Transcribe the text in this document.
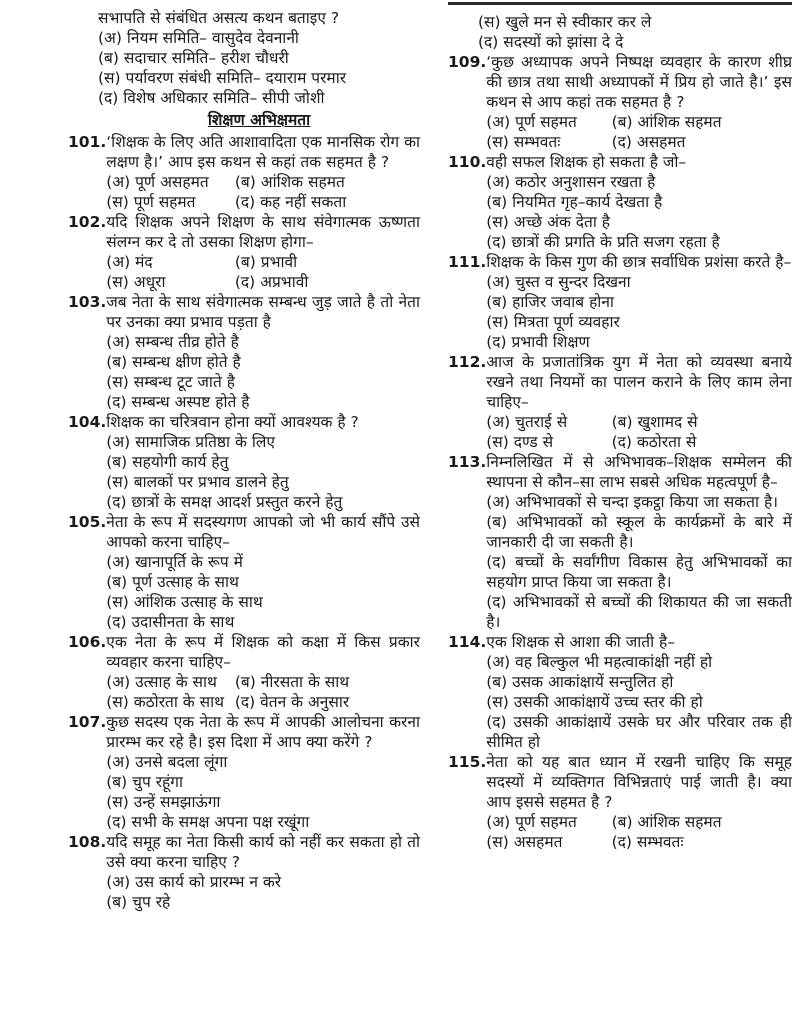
सभापति से संबंधित असत्य कथन बताइए ?
(अ) नियम समिति– वासुदेव देवनानी
(ब) सदाचार समिति– हरीश चौधरी
(स) पर्यावरण संबंधी समिति– दयाराम परमार
(द) विशेष अधिकार समिति– सीपी जोशी
शिक्षण अभिक्षमता
101. ‘शिक्षक के लिए अति आशावादिता एक मानसिक रोग का लक्षण है।’ आप इस कथन से कहां तक सहमत है ?
(अ) पूर्ण असहमत	(ब) आंशिक सहमत
(स) पूर्ण सहमत	(द) कह नहीं सकता
102. यदि शिक्षक अपने शिक्षण के साथ संवेगात्मक ऊष्णता संलग्न कर दे तो उसका शिक्षण होगा–
(अ) मंद	(ब) प्रभावी
(स) अधूरा	(द) अप्रभावी
103. जब नेता के साथ संवेगात्मक सम्बन्ध जुड़ जाते है तो नेता पर उनका क्या प्रभाव पड़ता है
(अ) सम्बन्ध तीव्र होते है
(ब) सम्बन्ध क्षीण होते है
(स) सम्बन्ध टूट जाते है
(द) सम्बन्ध अस्पष्ट होते है
104. शिक्षक का चरित्रवान होना क्यों आवश्यक है ?
(अ) सामाजिक प्रतिष्ठा के लिए
(ब) सहयोगी कार्य हेतु
(स) बालकों पर प्रभाव डालने हेतु
(द) छात्रों के समक्ष आदर्श प्रस्तुत करने हेतु
105. नेता के रूप में सदस्यगण आपको जो भी कार्य सौंपे उसे आपको करना चाहिए–
(अ) खानापूर्ति के रूप में
(ब) पूर्ण उत्साह के साथ
(स) आंशिक उत्साह के साथ
(द) उदासीनता के साथ
106. एक नेता के रूप में शिक्षक को कक्षा में किस प्रकार व्यवहार करना चाहिए–
(अ) उत्साह के साथ	(ब) नीरसता के साथ
(स) कठोरता के साथ (द) वेतन के अनुसार
107. कुछ सदस्य एक नेता के रूप में आपकी आलोचना करना प्रारम्भ कर रहे है। इस दिशा में आप क्या करेंगे ?
(अ) उनसे बदला लूंगा
(ब) चुप रहूंगा
(स) उन्हें समझाऊंगा
(द) सभी के समक्ष अपना पक्ष रखूंगा
108. यदि समूह का नेता किसी कार्य को नहीं कर सकता हो तो उसे क्या करना चाहिए ?
(अ) उस कार्य को प्रारम्भ न करे
(ब) चुप रहे
(स) खुले मन से स्वीकार कर ले
(द) सदस्यों को झांसा दे दे
109. ‘कुछ अध्यापक अपने निष्पक्ष व्यवहार के कारण शीघ्र की छात्र तथा साथी अध्यापकों में प्रिय हो जाते है।’ इस कथन से आप कहां तक सहमत है ?
(अ) पूर्ण सहमत	(ब) आंशिक सहमत
(स) सम्भवतः	(द) असहमत
110. वही सफल शिक्षक हो सकता है जो–
(अ) कठोर अनुशासन रखता है
(ब) नियमित गृह–कार्य देखता है
(स) अच्छे अंक देता है
(द) छात्रों की प्रगति के प्रति सजग रहता है
111. शिक्षक के किस गुण की छात्र सर्वाधिक प्रशंसा करते है–
(अ) चुस्त व सुन्दर दिखना
(ब) हाजिर जवाब होना
(स) मित्रता पूर्ण व्यवहार
(द) प्रभावी शिक्षण
112. आज के प्रजातांत्रिक युग में नेता को व्यवस्था बनाये रखने तथा नियमों का पालन कराने के लिए काम लेना चाहिए–
(अ) चुतराई से	(ब) खुशामद से
(स) दण्ड से	(द) कठोरता से
113. निम्नलिखित में से अभिभावक–शिक्षक सम्मेलन की स्थापना से कौन–सा लाभ सबसे अधिक महत्वपूर्ण है–
(अ) अभिभावकों से चन्दा इकट्ठा किया जा सकता है।
(ब) अभिभावकों को स्कूल के कार्यक्रमों के बारे में जानकारी दी जा सकती है।
(द) बच्चों के सर्वांगीण विकास हेतु अभिभावकों का सहयोग प्राप्त किया जा सकता है।
(द) अभिभावकों से बच्चों की शिकायत की जा सकती है।
114. एक शिक्षक से आशा की जाती है–
(अ) वह बिल्कुल भी महत्वाकांक्षी नहीं हो
(ब) उसक आकांक्षायें सन्तुलित हो
(स) उसकी आकांक्षायें उच्च स्तर की हो
(द) उसकी आकांक्षायें उसके घर और परिवार तक ही सीमित हो
115. नेता को यह बात ध्यान में रखनी चाहिए कि समूह सदस्यों में व्यक्तिगत विभिन्नताएं पाई जाती है। क्या आप इससे सहमत है ?
(अ) पूर्ण सहमत	(ब) आंशिक सहमत
(स) असहमत	(द) सम्भवतः
